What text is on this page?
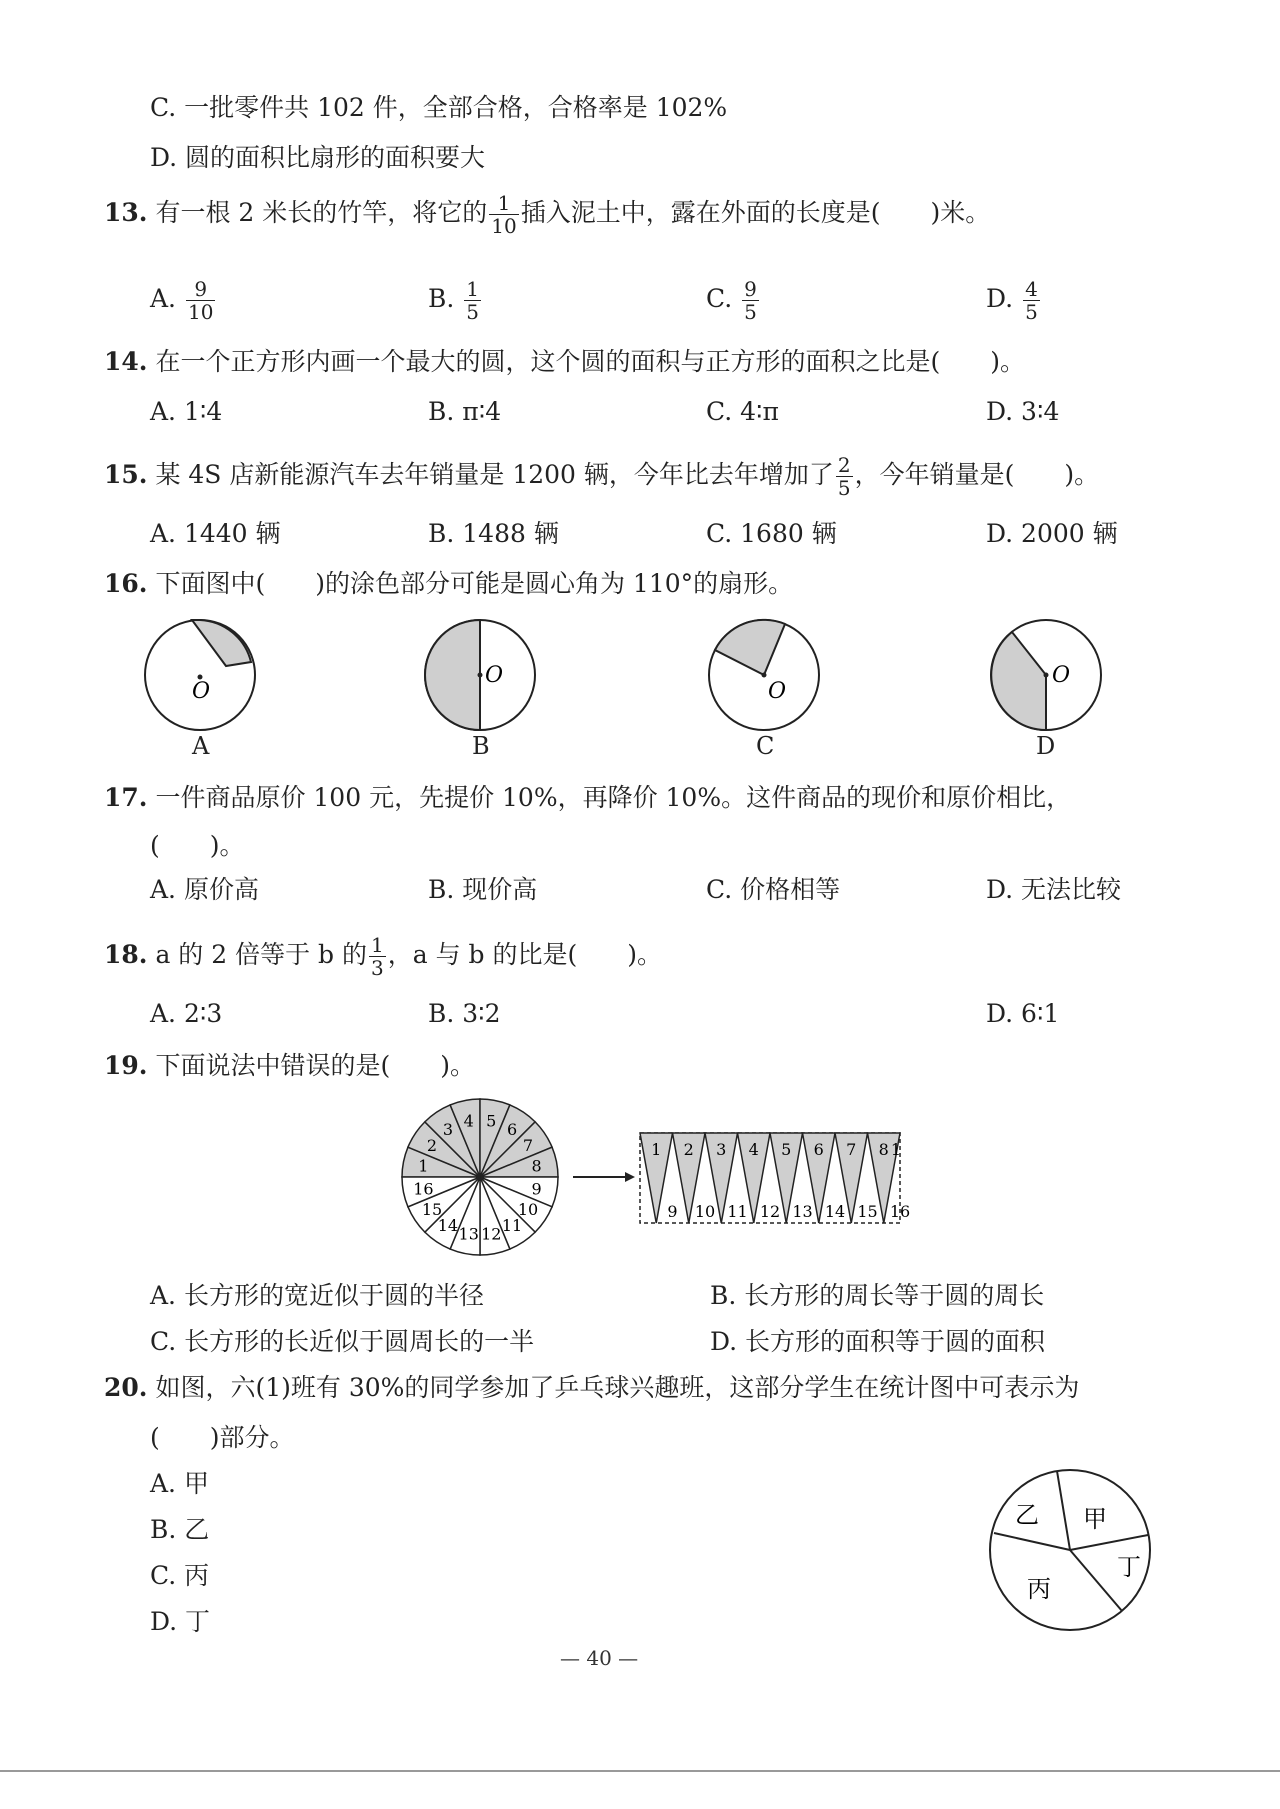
C. 一批零件共 102 件，全部合格，合格率是 102%
D. 圆的面积比扇形的面积要大
13. 有一根 2 米长的竹竿，将它的 $\frac{1}{10}$ 插入泥土中，露在外面的长度是(　　)米。
A. $\frac{9}{10}$	B. $\frac{1}{5}$	C. $\frac{9}{5}$	D. $\frac{4}{5}$
14. 在一个正方形内画一个最大的圆，这个圆的面积与正方形的面积之比是(　　)。
A. 1∶4	B. π∶4	C. 4∶π	D. 3∶4
15. 某 4S 店新能源汽车去年销量是 1200 辆，今年比去年增加了 $\frac{2}{5}$ ，今年销量是(　　)。
A. 1440 辆	B. 1488 辆	C. 1680 辆	D. 2000 辆
16. 下面图中(　　)的涂色部分可能是圆心角为 110°的扇形。
O
O
O
O
A	B	C	D
17. 一件商品原价 100 元，先提价 10%，再降价 10%。这件商品的现价和原价相比，
(　　)。
A. 原价高	B. 现价高	C. 价格相等	D. 无法比较
18. a 的 2 倍等于 b 的 $\frac{1}{3}$ ，a 与 b 的比是(　　)。
A. 2∶3	B. 3∶2	D. 6∶1
19. 下面说法中错误的是(　　)。
1
2
3 4 5 6
7
8
9
10
11
12
13
14
15
16
1 2 3 4 5 6 7 8 1
9 10 11 12 13 14 15 16
A. 长方形的宽近似于圆的半径	B. 长方形的周长等于圆的周长
C. 长方形的长近似于圆周长的一半	D. 长方形的面积等于圆的面积
20. 如图，六(1)班有 30%的同学参加了乒乓球兴趣班，这部分学生在统计图中可表示为
(　　)部分。
A. 甲
B. 乙
C. 丙
D. 丁
甲
乙
丙
丁
— 40 —
